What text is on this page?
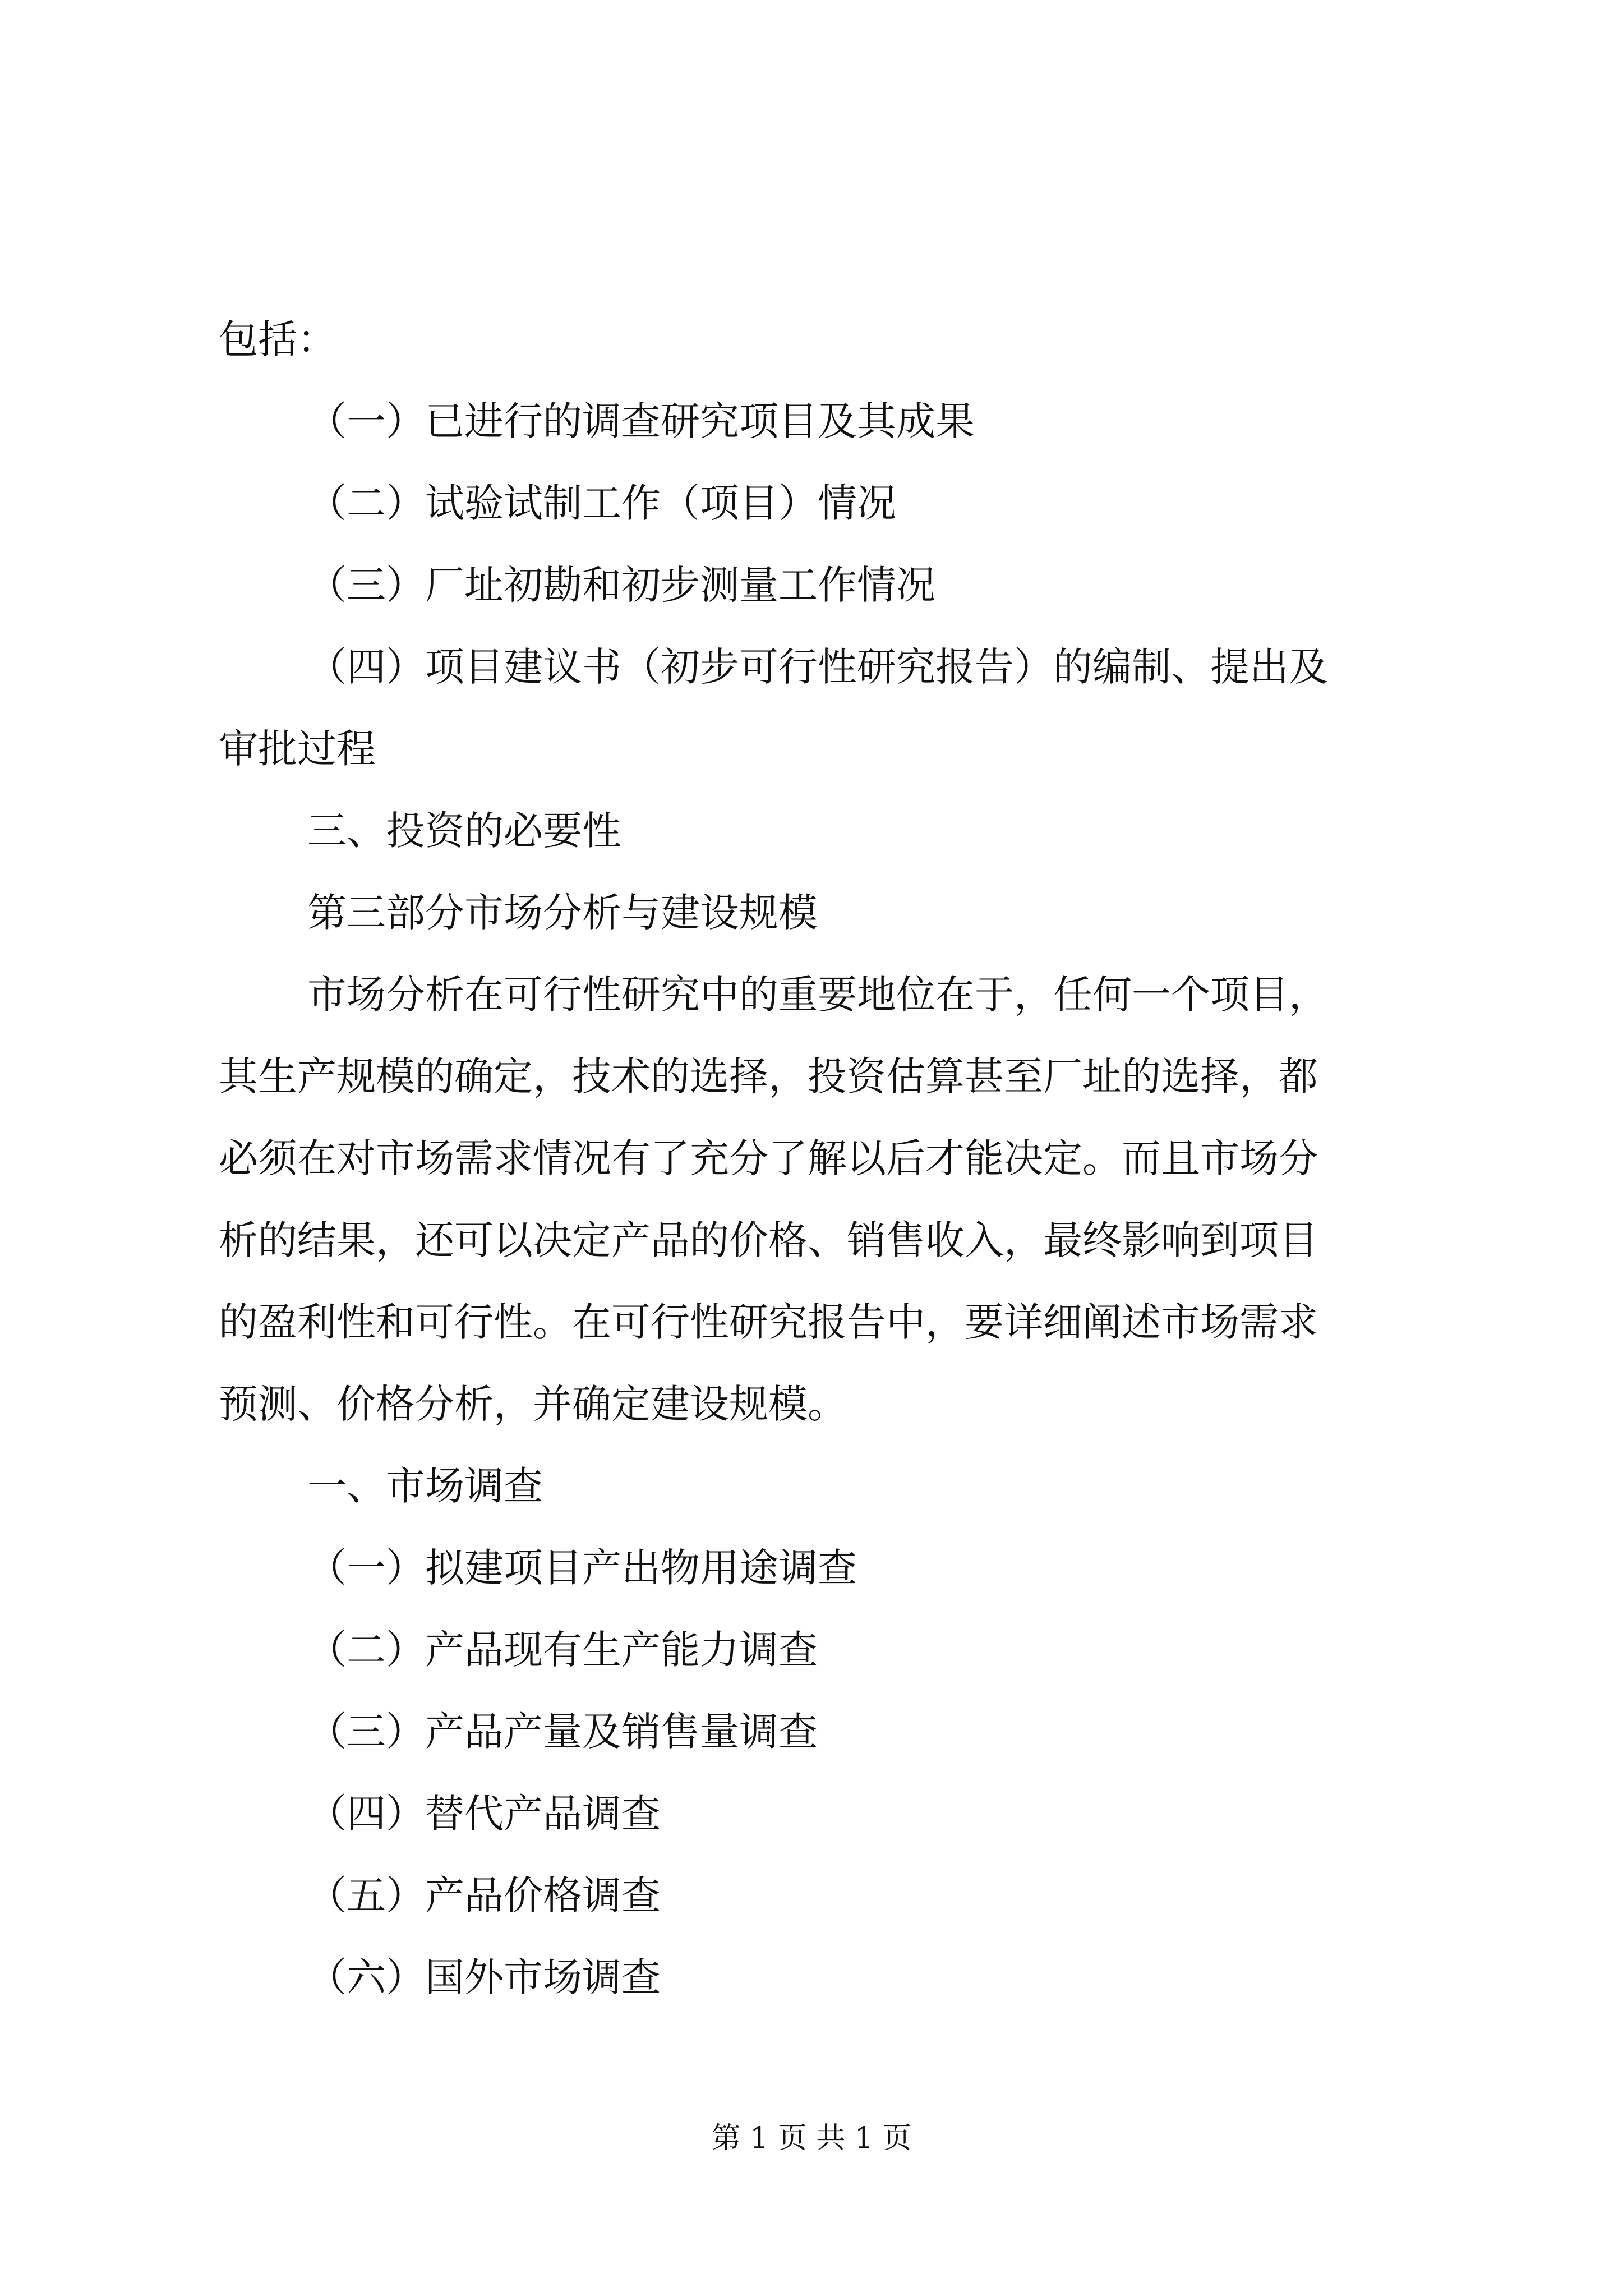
包括：
（一）已进行的调查研究项目及其成果
（二）试验试制工作（项目）情况
（三）厂址初勘和初步测量工作情况
（四）项目建议书（初步可行性研究报告）的编制、提出及
审批过程
三、投资的必要性
第三部分市场分析与建设规模
市场分析在可行性研究中的重要地位在于，任何一个项目，
其生产规模的确定，技术的选择，投资估算甚至厂址的选择，都
必须在对市场需求情况有了充分了解以后才能决定。而且市场分
析的结果，还可以决定产品的价格、销售收入，最终影响到项目
的盈利性和可行性。在可行性研究报告中，要详细阐述市场需求
预测、价格分析，并确定建设规模。
一、市场调查
（一）拟建项目产出物用途调查
（二）产品现有生产能力调查
（三）产品产量及销售量调查
（四）替代产品调查
（五）产品价格调查
（六）国外市场调查
第 1 页 共 1 页
